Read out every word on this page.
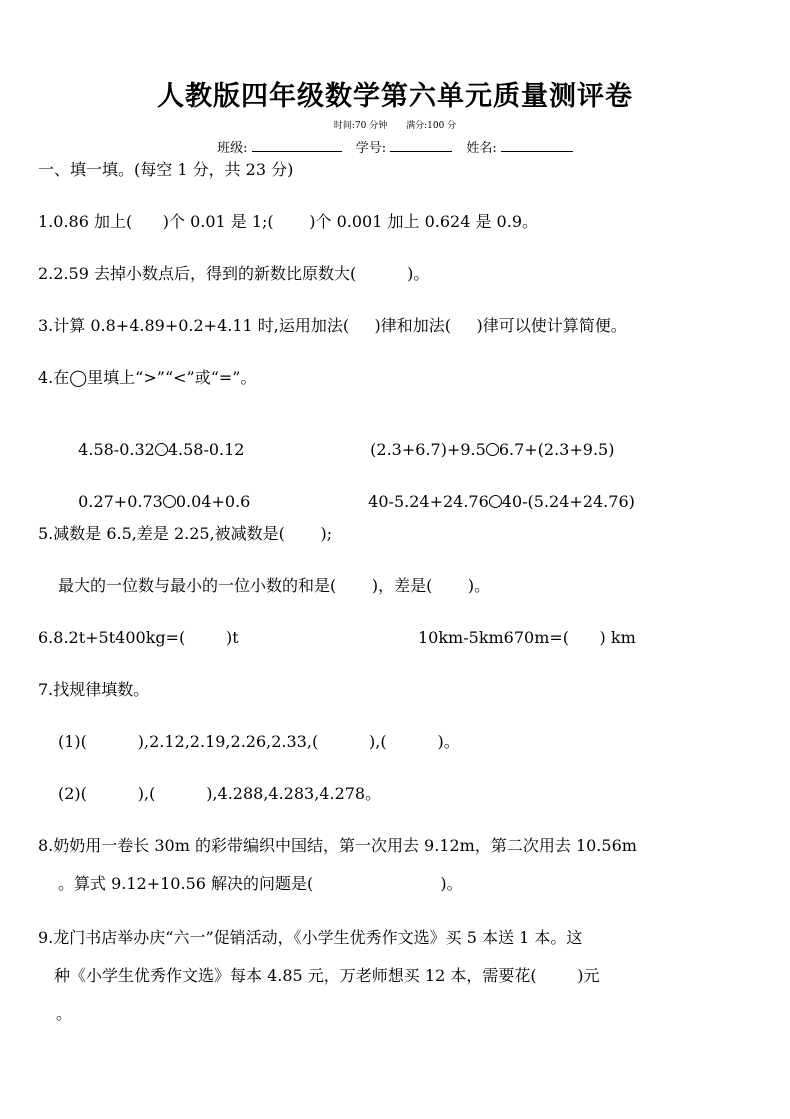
人教版四年级数学第六单元质量测评卷
时间:70 分钟 满分:100 分
班级:	学号:	姓名:
一、填一填。(每空 1 分，共 23 分)
1.0.86 加上(      )个 0.01 是 1;(       )个 0.001 加上 0.624 是 0.9。
2.2.59 去掉小数点后，得到的新数比原数大(          )。
3.计算 0.8+4.89+0.2+4.11 时,运用加法(     )律和加法(     )律可以使计算简便。
4.在◯里填上“>”“<”或“=”。

4.58-0.32 4.58-0.12	(2.3+6.7)+9.5 6.7+(2.3+9.5)

0.27+0.73 0.04+0.6	40-5.24+24.76 40-(5.24+24.76)

5.减数是 6.5,差是 2.25,被减数是(       );
最大的一位数与最小的一位小数的和是(       )，差是(       )。
6.8.2t+5t400kg=(        )t	10km-5km670m=(      ) km
7.找规律填数。
(1)(          ),2.12,2.19,2.26,2.33,(          ),(          )。
(2)(          ),(          ),4.288,4.283,4.278。
8.奶奶用一卷长 30m 的彩带编织中国结，第一次用去 9.12m，第二次用去 10.56m
。算式 9.12+10.56 解决的问题是(                         )。
9.龙门书店举办庆“六一”促销活动，《小学生优秀作文选》买 5 本送 1 本。这
种《小学生优秀作文选》每本 4.85 元，万老师想买 12 本，需要花(        )元
。
